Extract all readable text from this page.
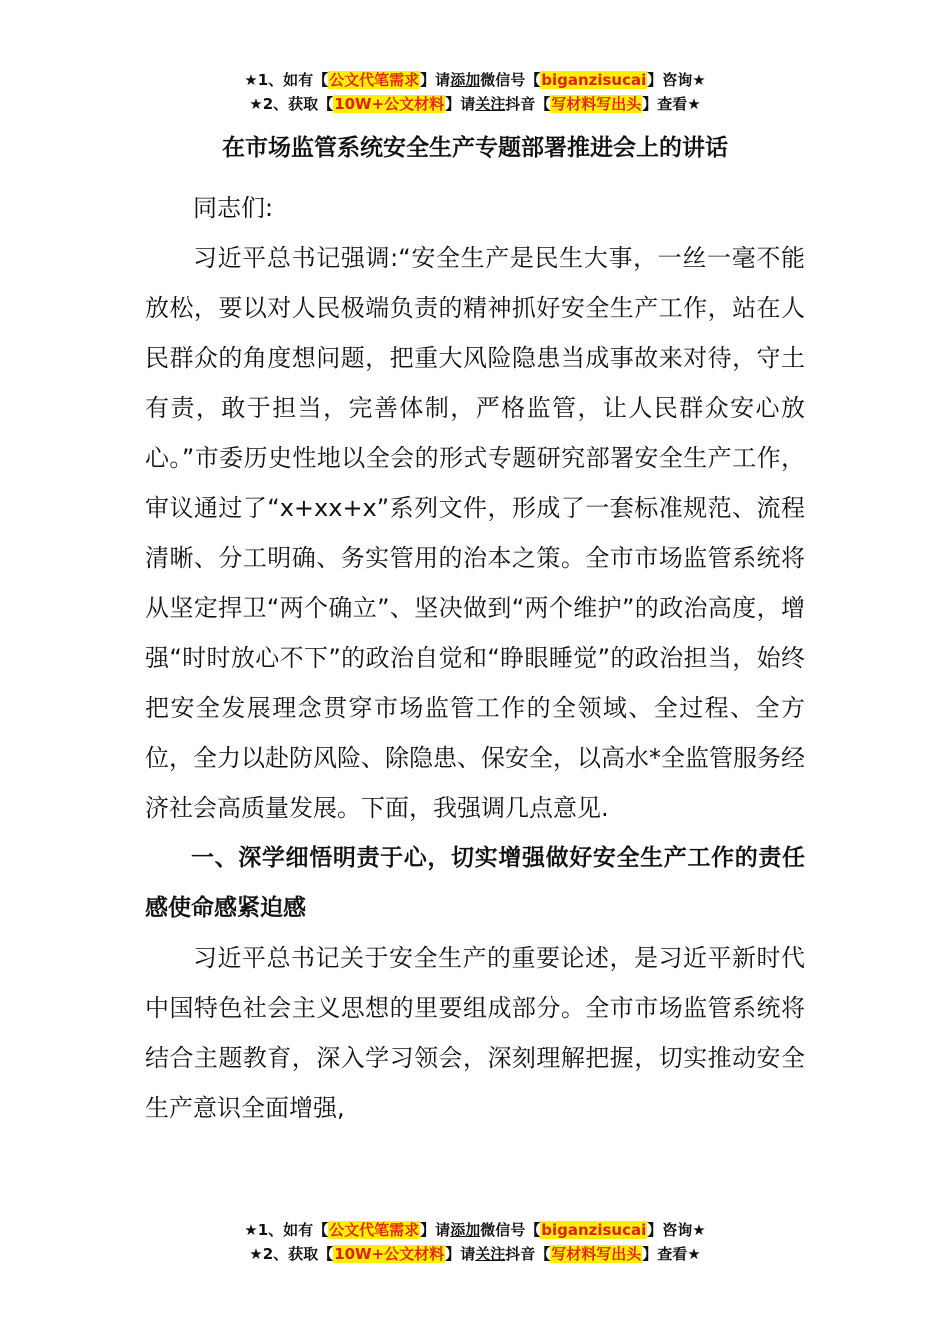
★1、如有【公文代笔需求】请添加微信号【biganzisucai】咨询★
★2、获取【10W+公文材料】请关注抖音【写材料写出头】查看★
在市场监管系统安全生产专题部署推进会上的讲话

同志们:

习近平总书记强调:“安全生产是民生大事，一丝一毫不能放松，要以对人民极端负责的精神抓好安全生产工作，站在人民群众的角度想问题，把重大风险隐患当成事故来对待，守土有责，敢于担当，完善体制，严格监管，让人民群众安心放心。”市委历史性地以全会的形式专题研究部署安全生产工作，审议通过了“x+xx+x”系列文件，形成了一套标准规范、流程清晰、分工明确、务实管用的治本之策。全市市场监管系统将从坚定捍卫“两个确立”、坚决做到“两个维护”的政治高度，增强“时时放心不下”的政治自觉和“睁眼睡觉”的政治担当，始终把安全发展理念贯穿市场监管工作的全领域、全过程、全方位，全力以赴防风险、除隐患、保安全，以高水*全监管服务经济社会高质量发展。下面，我强调几点意见.

一、深学细悟明责于心，切实增强做好安全生产工作的责任感使命感紧迫感

习近平总书记关于安全生产的重要论述，是习近平新时代中国特色社会主义思想的里要组成部分。全市市场监管系统将结合主题教育，深入学习领会，深刻理解把握，切实推动安全生产意识全面增强,

★1、如有【公文代笔需求】请添加微信号【biganzisucai】咨询★
★2、获取【10W+公文材料】请关注抖音【写材料写出头】查看★
